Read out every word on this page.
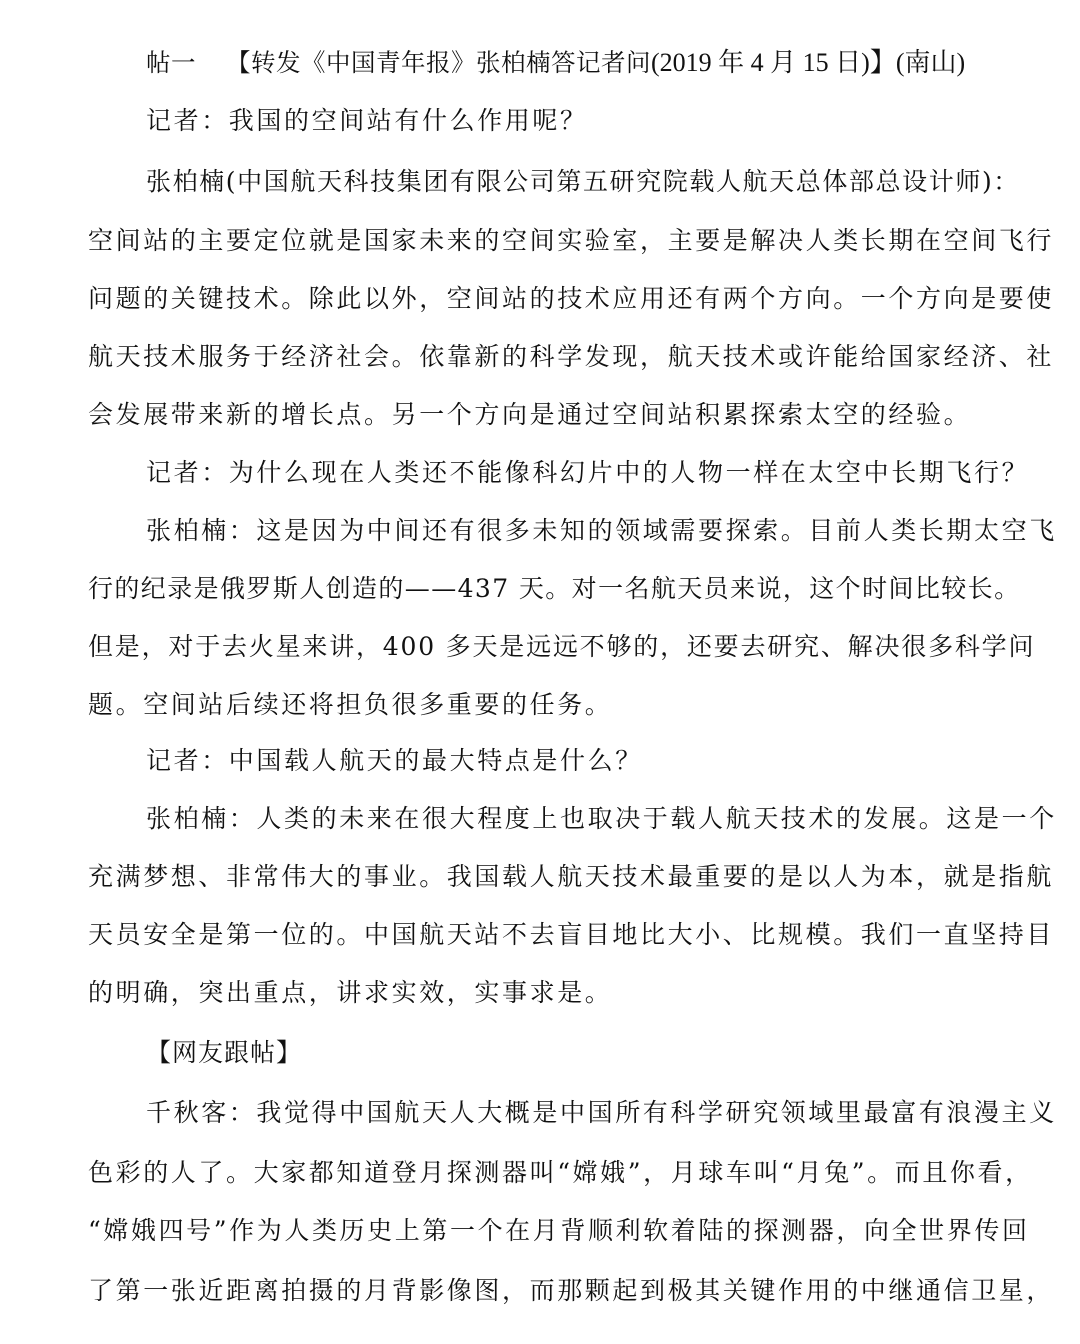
帖一 【转发《中国青年报》张柏楠答记者问(2019 年 4 月 15 日)】(南山)
记者：我国的空间站有什么作用呢？
张柏楠(中国航天科技集团有限公司第五研究院载人航天总体部总设计师)：
空间站的主要定位就是国家未来的空间实验室，主要是解决人类长期在空间飞行
问题的关键技术。除此以外，空间站的技术应用还有两个方向。一个方向是要使
航天技术服务于经济社会。依靠新的科学发现，航天技术或许能给国家经济、社
会发展带来新的增长点。另一个方向是通过空间站积累探索太空的经验。
记者：为什么现在人类还不能像科幻片中的人物一样在太空中长期飞行？
张柏楠：这是因为中间还有很多未知的领域需要探索。目前人类长期太空飞
行的纪录是俄罗斯人创造的——437 天。对一名航天员来说，这个时间比较长。
但是，对于去火星来讲，400 多天是远远不够的，还要去研究、解决很多科学问
题。空间站后续还将担负很多重要的任务。
记者：中国载人航天的最大特点是什么？
张柏楠：人类的未来在很大程度上也取决于载人航天技术的发展。这是一个
充满梦想、非常伟大的事业。我国载人航天技术最重要的是以人为本，就是指航
天员安全是第一位的。中国航天站不去盲目地比大小、比规模。我们一直坚持目
的明确，突出重点，讲求实效，实事求是。
【网友跟帖】
千秋客：我觉得中国航天人大概是中国所有科学研究领域里最富有浪漫主义
色彩的人了。大家都知道登月探测器叫“嫦娥”，月球车叫“月兔”。而且你看，
“嫦娥四号”作为人类历史上第一个在月背顺利软着陆的探测器，向全世界传回
了第一张近距离拍摄的月背影像图，而那颗起到极其关键作用的中继通信卫星，
